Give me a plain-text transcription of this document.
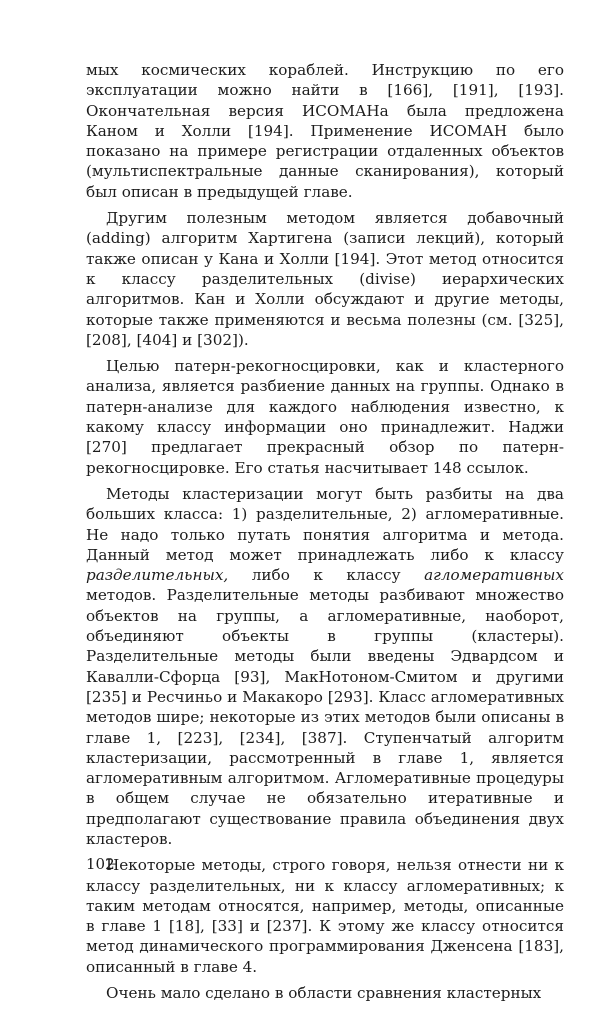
мых космических кораблей. Инструкцию по его эксплуатации можно найти в [166], [191], [193]. Окончательная версия ИСОМАНа была предложена Каном и Холли [194]. Применение ИСОМАН было показано на примере регистрации отдаленных объектов (мультиспектральные данные сканирования), который был описан в предыдущей главе.

Другим полезным методом является добавочный (adding) алгоритм Хартигена (записи лекций), который также описан у Кана и Холли [194]. Этот метод относится к классу разделительных (divise) иерархических алгоритмов. Кан и Холли обсуждают и другие методы, которые также применяются и весьма полезны (см. [325], [208], [404] и [302]).

Целью патерн-рекогносцировки, как и кластерного анализа, является разбиение данных на группы. Однако в патерн-анализе для каждого наблюдения известно, к какому классу информации оно принадлежит. Наджи [270] предлагает прекрасный обзор по патерн-рекогносцировке. Его статья насчитывает 148 ссылок.

Методы кластеризации могут быть разбиты на два больших класса: 1) разделительные, 2) агломеративные. Не надо только путать понятия алгоритма и метода. Данный метод может принадлежать либо к классу разделительных, либо к классу агломеративных методов. Разделительные методы разбивают множество объектов на группы, а агломеративные, наоборот, объединяют объекты в группы (кластеры). Разделительные методы были введены Эдвардсом и Кавалли-Сфорца [93], МакНотоном-Смитом и другими [235] и Ресчиньо и Макакоро [293]. Класс агломеративных методов шире; некоторые из этих методов были описаны в главе 1, [223], [234], [387]. Ступенчатый алгоритм кластеризации, рассмотренный в главе 1, является агломеративным алгоритмом. Агломеративные процедуры в общем случае не обязательно итеративные и предполагают существование правила объединения двух кластеров.

Некоторые методы, строго говоря, нельзя отнести ни к классу разделительных, ни к классу агломеративных; к таким методам относятся, например, методы, описанные в главе 1 [18], [33] и [237]. К этому же классу относится метод динамического программирования Дженсена [183], описанный в главе 4.

Очень мало сделано в области сравнения кластерных

102
